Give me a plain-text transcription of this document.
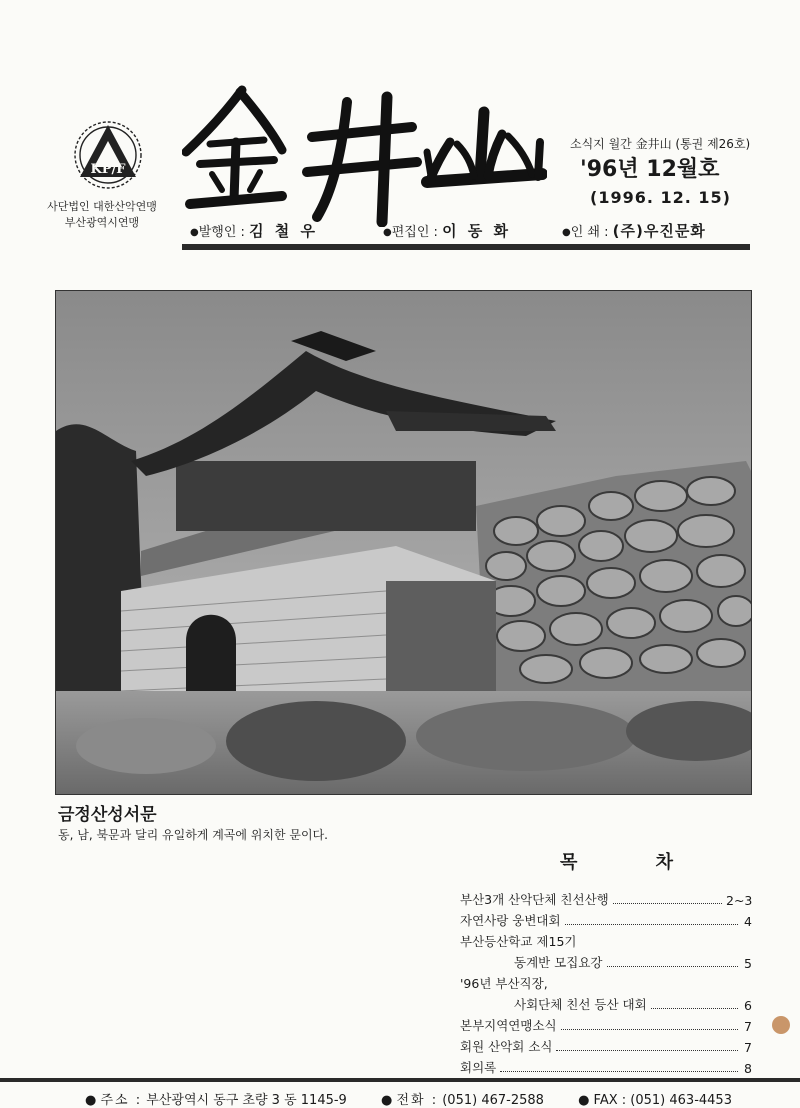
KP/F
사단법인 대한산악연맹
부산광역시연맹
소식지 월간 金井山 (통권 제26호)
'96년 12월호
(1996. 12. 15)
●발행인 : 김 철 우	●편집인 : 이 동 화	●인 쇄 : (주)우진문화
금정산성서문
동, 남, 북문과 달리 유일하게 계곡에 위치한 문이다.
목 차
부산3개 산악단체 친선산행	2~3
자연사랑 웅변대회	4
부산등산학교 제15기
동계반 모집요강	5
'96년 부산직장,
사회단체 친선 등산 대회	6
본부지역연맹소식	7
회원 산악회 소식	7
회의록	8
● 주소 : 부산광역시 동구 초량 3 동 1145-9	● 전화 : (051) 467-2588	● FAX : (051) 463-4453
